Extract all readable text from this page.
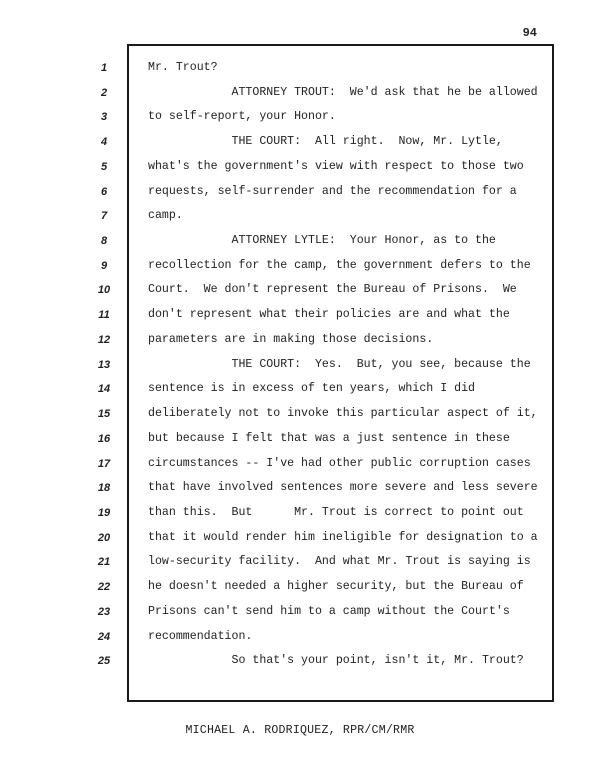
94
1
2
3
4
5
6
7
8
9
10
11
12
13
14
15
16
17
18
19
20
21
22
23
24
25
Mr. Trout?
ATTORNEY TROUT:  We'd ask that he be allowed
to self-report, your Honor.
THE COURT:  All right.  Now, Mr. Lytle,
what's the government's view with respect to those two
requests, self-surrender and the recommendation for a
camp.
ATTORNEY LYTLE:  Your Honor, as to the
recollection for the camp, the government defers to the
Court.  We don't represent the Bureau of Prisons.  We
don't represent what their policies are and what the
parameters are in making those decisions.
THE COURT:  Yes.  But, you see, because the
sentence is in excess of ten years, which I did
deliberately not to invoke this particular aspect of it,
but because I felt that was a just sentence in these
circumstances -- I've had other public corruption cases
that have involved sentences more severe and less severe
than this.  But      Mr. Trout is correct to point out
that it would render him ineligible for designation to a
low-security facility.  And what Mr. Trout is saying is
he doesn't needed a higher security, but the Bureau of
Prisons can't send him to a camp without the Court's
recommendation.
So that's your point, isn't it, Mr. Trout?
MICHAEL A. RODRIQUEZ, RPR/CM/RMR
